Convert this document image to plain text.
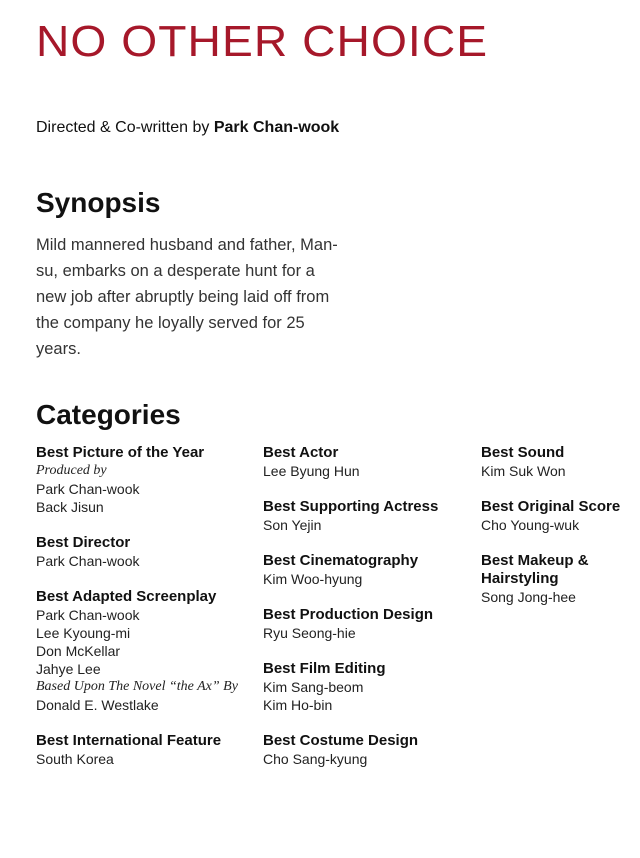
NO OTHER CHOICE

Directed & Co-written by Park Chan-wook

Synopsis

Mild mannered husband and father, Man-su, embarks on a desperate hunt for a new job after abruptly being laid off from the company he loyally served for 25 years.

Categories

Best Picture of the Year

Produced by

Park Chan-wook

Back Jisun

Best Director

Park Chan-wook

Best Adapted Screenplay

Park Chan-wook

Lee Kyoung-mi

Don McKellar

Jahye Lee

Based Upon The Novel “the Ax” By

Donald E. Westlake

Best International Feature

South Korea

Best Actor

Lee Byung Hun

Best Supporting Actress

Son Yejin

Best Cinematography

Kim Woo-hyung

Best Production Design

Ryu Seong-hie

Best Film Editing

Kim Sang-beom

Kim Ho-bin

Best Costume Design

Cho Sang-kyung

Best Sound

Kim Suk Won

Best Original Score

Cho Young-wuk

Best Makeup & Hairstyling

Song Jong-hee
